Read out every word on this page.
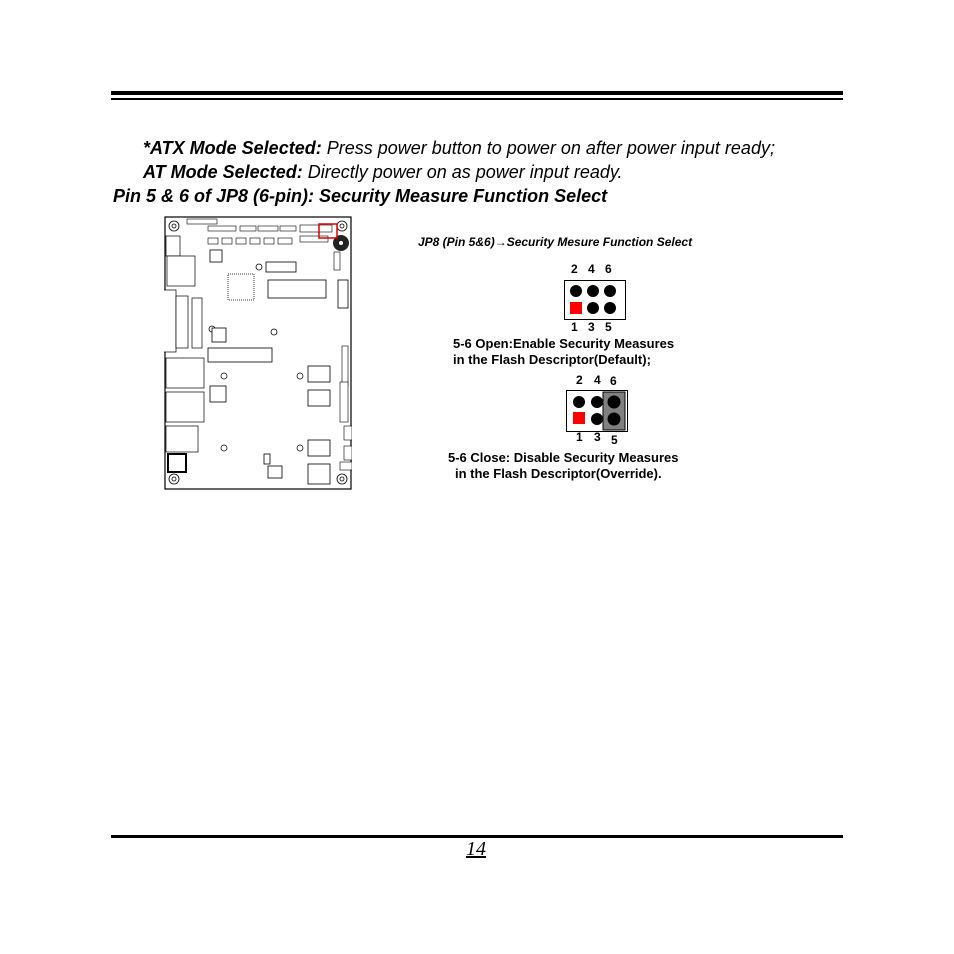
*ATX Mode Selected: Press power button to power on after power input ready;
AT Mode Selected: Directly power on as power input ready.
Pin 5 & 6 of JP8 (6-pin): Security Measure Function Select
JP8 (Pin 5&6)→Security Mesure Function Select
2 4 6
1 3 5
5-6 Open:Enable Security Measures
in the Flash Descriptor(Default);
2 4 6
1 3 5
5-6 Close: Disable Security Measures
in the Flash Descriptor(Override).
14
